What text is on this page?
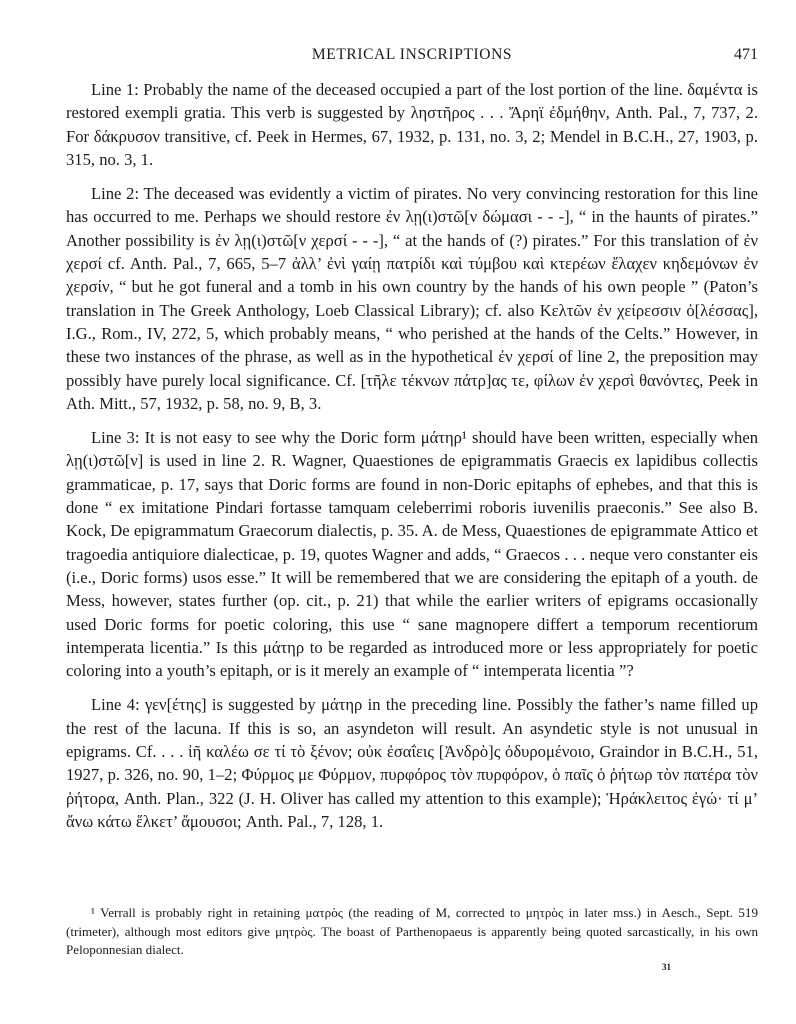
METRICAL INSCRIPTIONS	471

Line 1: Probably the name of the deceased occupied a part of the lost portion of the line. δαμέντα is restored exempli gratia. This verb is suggested by ληστῆρος . . . Ἄρηϊ ἐδμήθην, Anth. Pal., 7, 737, 2. For δάκρυσον transitive, cf. Peek in Hermes, 67, 1932, p. 131, no. 3, 2; Mendel in B.C.H., 27, 1903, p. 315, no. 3, 1.

Line 2: The deceased was evidently a victim of pirates. No very convincing restoration for this line has occurred to me. Perhaps we should restore ἐν λῃ(ι)στῶ[ν δώμασι - - -], “ in the haunts of pirates.” Another possibility is ἐν λῃ(ι)στῶ[ν χερσί - - -], “ at the hands of (?) pirates.” For this translation of ἐν χερσί cf. Anth. Pal., 7, 665, 5–7 ἀλλ’ ἐνὶ γαίῃ πατρίδι καὶ τύμβου καὶ κτερέων ἔλαχεν κηδεμόνων ἐν χερσίν, “ but he got funeral and a tomb in his own country by the hands of his own people ” (Paton’s translation in The Greek Anthology, Loeb Classical Library); cf. also Κελτῶν ἐν χείρεσσιν ὀ[λέσσας], I.G., Rom., IV, 272, 5, which probably means, “ who perished at the hands of the Celts.” However, in these two instances of the phrase, as well as in the hypothetical ἐν χερσί of line 2, the preposition may possibly have purely local significance. Cf. [τῆλε τέκνων πάτρ]ας τε, φίλων ἐν χερσὶ θανόντες, Peek in Ath. Mitt., 57, 1932, p. 58, no. 9, B, 3.

Line 3: It is not easy to see why the Doric form μάτηρ¹ should have been written, especially when λῃ(ι)στῶ[ν] is used in line 2. R. Wagner, Quaestiones de epigrammatis Graecis ex lapidibus collectis grammaticae, p. 17, says that Doric forms are found in non-Doric epitaphs of ephebes, and that this is done “ ex imitatione Pindari fortasse tamquam celeberrimi roboris iuvenilis praeconis.” See also B. Kock, De epigrammatum Graecorum dialectis, p. 35. A. de Mess, Quaestiones de epigrammate Attico et tragoedia antiquiore dialecticae, p. 19, quotes Wagner and adds, “ Graecos . . . neque vero constanter eis (i.e., Doric forms) usos esse.” It will be remembered that we are considering the epitaph of a youth. de Mess, however, states further (op. cit., p. 21) that while the earlier writers of epigrams occasionally used Doric forms for poetic coloring, this use “ sane magnopere differt a temporum recentiorum intemperata licentia.” Is this μάτηρ to be regarded as introduced more or less appropriately for poetic coloring into a youth’s epitaph, or is it merely an example of “ intemperata licentia ”?

Line 4: γεν[έτης] is suggested by μάτηρ in the preceding line. Possibly the father’s name filled up the rest of the lacuna. If this is so, an asyndeton will result. An asyndetic style is not unusual in epigrams. Cf. . . . ἰῆ καλέω σε τί τὸ ξένον; οὐκ ἐσαΐεις [Ἀνδρὸ]ς ὀδυρομένοιο, Graindor in B.C.H., 51, 1927, p. 326, no. 90, 1–2; Φύρμος με Φύρμον, πυρφόρος τὸν πυρφόρον, ὁ παῖς ὁ ῥήτωρ τὸν πατέρα τὸν ῥήτορα, Anth. Plan., 322 (J. H. Oliver has called my attention to this example); Ἡράκλειτος ἐγώ· τί μ’ ἄνω κάτω ἕλκετ’ ἄμουσοι; Anth. Pal., 7, 128, 1.

¹ Verrall is probably right in retaining ματρὸς (the reading of M, corrected to μητρὸς in later mss.) in Aesch., Sept. 519 (trimeter), although most editors give μητρὸς. The boast of Parthenopaeus is apparently being quoted sarcastically, in his own Peloponnesian dialect.
31
